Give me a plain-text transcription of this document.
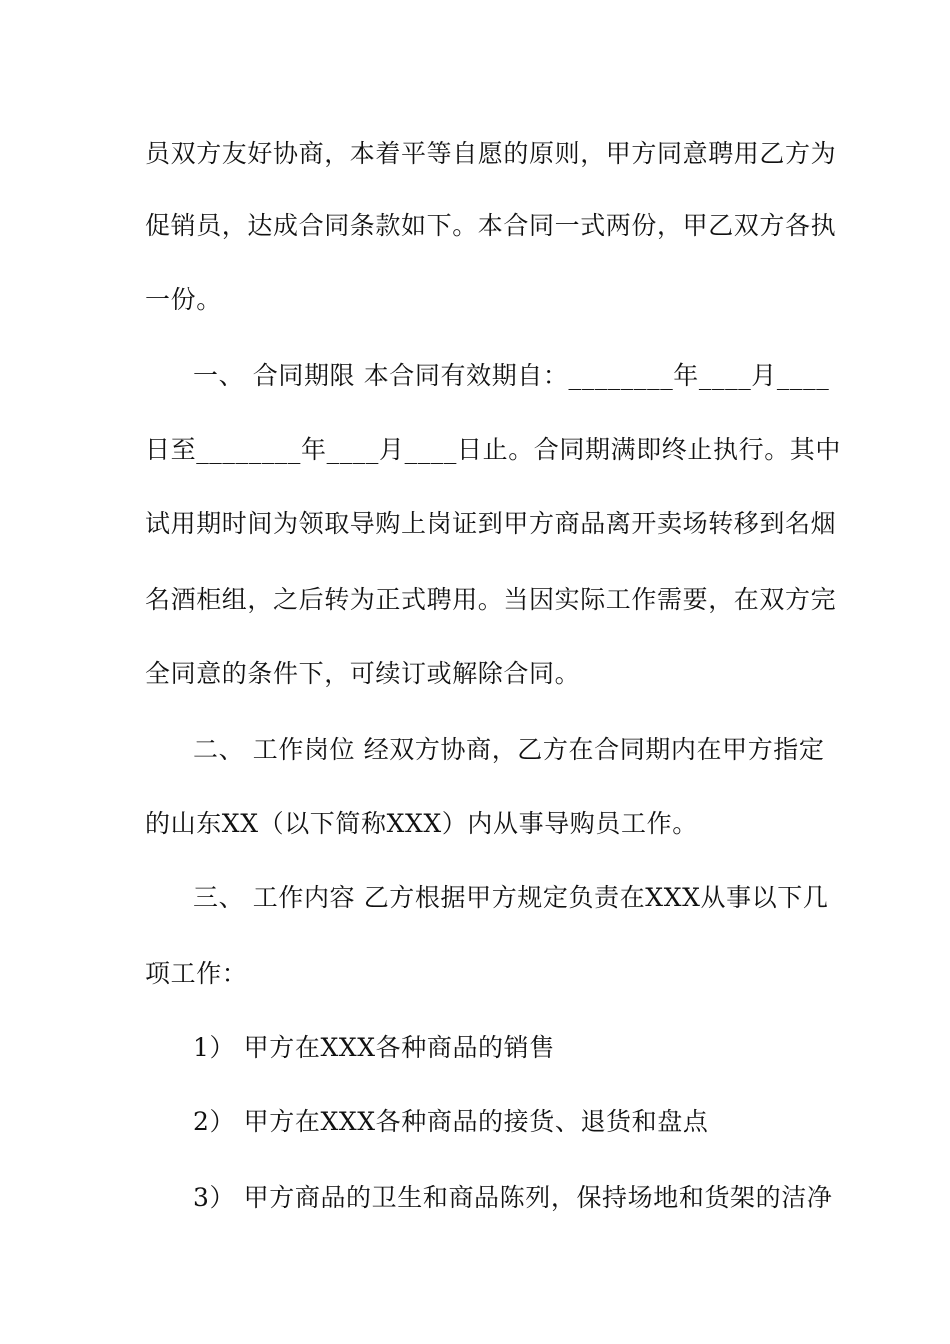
员双方友好协商，本着平等自愿的原则，甲方同意聘用乙方为
促销员，达成合同条款如下。本合同一式两份，甲乙双方各执
一份。
一、 合同期限 本合同有效期自：________年____月____
日至________年____月____日止。合同期满即终止执行。其中
试用期时间为领取导购上岗证到甲方商品离开卖场转移到名烟
名酒柜组，之后转为正式聘用。当因实际工作需要，在双方完
全同意的条件下，可续订或解除合同。
二、 工作岗位 经双方协商，乙方在合同期内在甲方指定
的山东XX（以下简称XXX）内从事导购员工作。
三、 工作内容 乙方根据甲方规定负责在XXX从事以下几
项工作：
1） 甲方在XXX各种商品的销售
2） 甲方在XXX各种商品的接货、退货和盘点
3） 甲方商品的卫生和商品陈列，保持场地和货架的洁净
